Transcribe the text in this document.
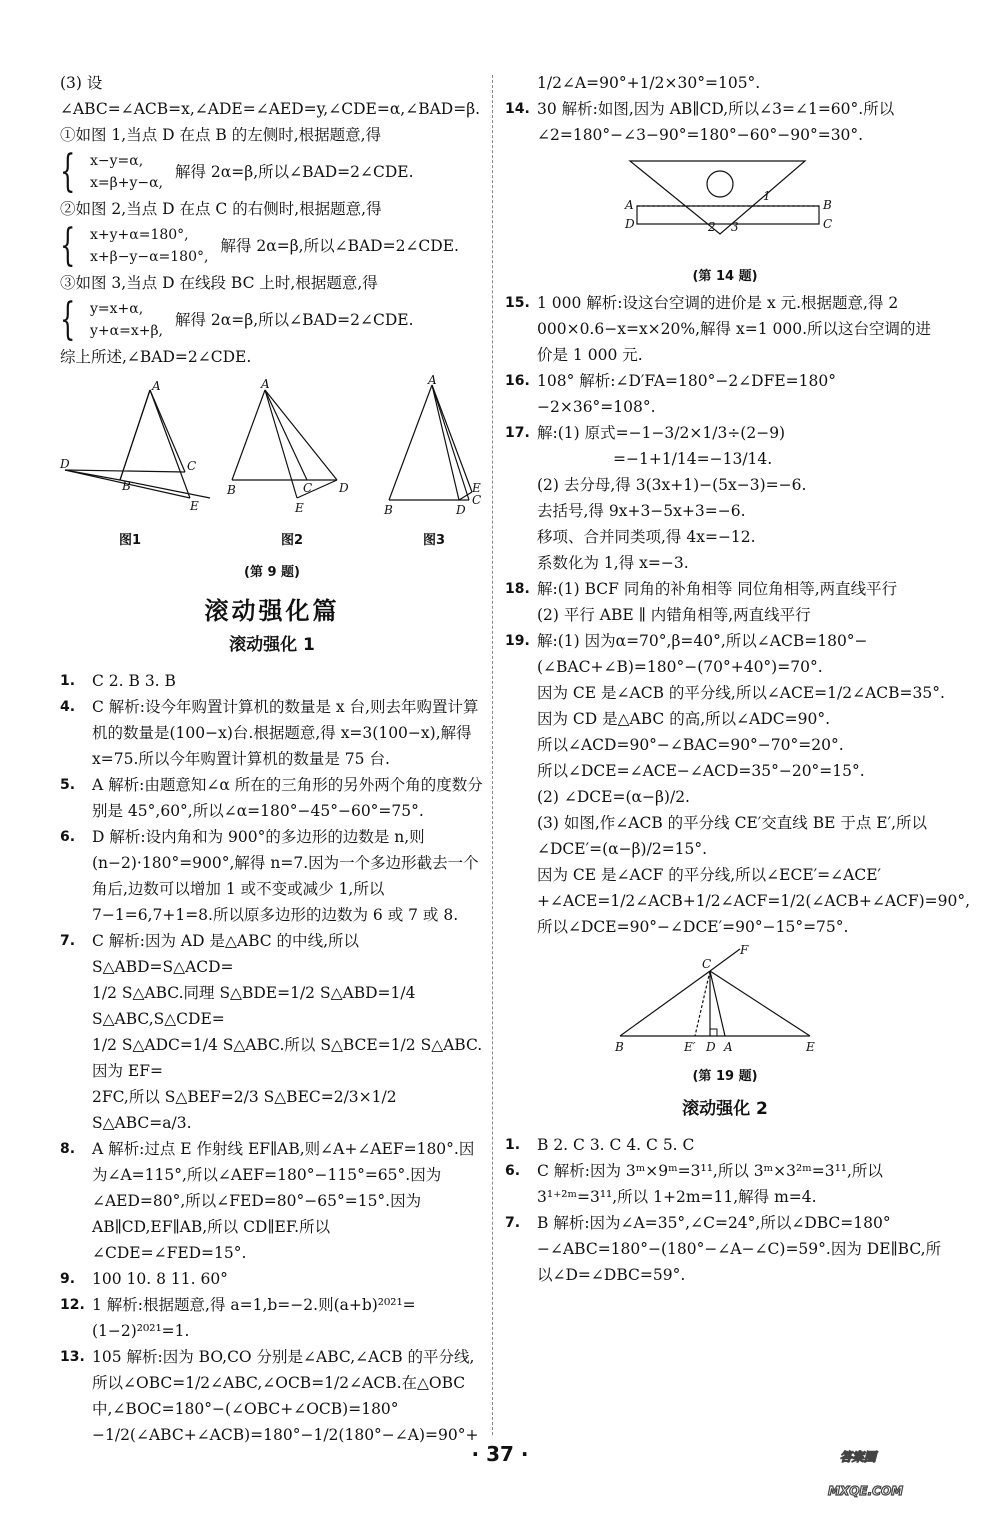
(3) 设∠ABC=∠ACB=x,∠ADE=∠AED=y,∠CDE=α,∠BAD=β.

①如图 1,当点 D 在点 B 的左侧时,根据题意,得

{ x−y=α,
x=β+y−α,
解得 2α=β,所以∠BAD=2∠CDE.

②如图 2,当点 D 在点 C 的右侧时,根据题意,得

{ x+y+α=180°,
x+β−y−α=180°,
解得 2α=β,所以∠BAD=2∠CDE.

③如图 3,当点 D 在线段 BC 上时,根据题意,得

{ y=x+α,
y+α=x+β,
解得 2α=β,所以∠BAD=2∠CDE.

综上所述,∠BAD=2∠CDE.

A
D
B
C
E
图1
A
B	C D
E
图2
A
B	D
C
E
图3
(第 9 题)
滚动强化篇
滚动强化 1
1. C 2. B 3. B
4. C 解析:设今年购置计算机的数量是 x 台,则去年购置计算机的数量是(100−x)台.根据题意,得 x=3(100−x),解得 x=75.所以今年购置计算机的数量是 75 台.
5. A 解析:由题意知∠α 所在的三角形的另外两个角的度数分别是 45°,60°,所以∠α=180°−45°−60°=75°.
6. D 解析:设内角和为 900°的多边形的边数是 n,则(n−2)·180°=900°,解得 n=7.因为一个多边形截去一个角后,边数可以增加 1 或不变或减少 1,所以7−1=6,7+1=8.所以原多边形的边数为 6 或 7 或 8.
7. C 解析:因为 AD 是△ABC 的中线,所以 S△ABD=S△ACD=
1/2 S△ABC.同理 S△BDE=1/2 S△ABD=1/4 S△ABC,S△CDE=
1/2 S△ADC=1/4 S△ABC.所以 S△BCE=1/2 S△ABC.因为 EF=
2FC,所以 S△BEF=2/3 S△BEC=2/3×1/2 S△ABC=a/3.
8. A 解析:过点 E 作射线 EF∥AB,则∠A+∠AEF=180°.因为∠A=115°,所以∠AEF=180°−115°=65°.因为∠AED=80°,所以∠FED=80°−65°=15°.因为 AB∥CD,EF∥AB,所以 CD∥EF.所以∠CDE=∠FED=15°.
9. 100 10. 8 11. 60°
12. 1 解析:根据题意,得 a=1,b=−2.则(a+b)²⁰²¹=(1−2)²⁰²¹=1.
13. 105 解析:因为 BO,CO 分别是∠ABC,∠ACB 的平分线,所以∠OBC=1/2∠ABC,∠OCB=1/2∠ACB.在△OBC 中,∠BOC=180°−(∠OBC+∠OCB)=180°−1/2(∠ABC+∠ACB)=180°−1/2(180°−∠A)=90°+
1/2∠A=90°+1/2×30°=105°.
14. 30 解析:如图,因为 AB∥CD,所以∠3=∠1=60°.所以∠2=180°−∠3−90°=180°−60°−90°=30°.
A
D
B
C
1
2 3
(第 14 题)
15. 1 000 解析:设这台空调的进价是 x 元.根据题意,得 2 000×0.6−x=x×20%,解得 x=1 000.所以这台空调的进价是 1 000 元.
16. 108° 解析:∠D′FA=180°−2∠DFE=180°−2×36°=108°.
17. 解:(1) 原式=−1−3/2×1/3÷(2−9)
=−1+1/14=−13/14.
(2) 去分母,得 3(3x+1)−(5x−3)=−6.
去括号,得 9x+3−5x+3=−6.
移项、合并同类项,得 4x=−12.
系数化为 1,得 x=−3.
18. 解:(1) BCF 同角的补角相等 同位角相等,两直线平行
(2) 平行 ABE ∥ 内错角相等,两直线平行
19. 解:(1) 因为α=70°,β=40°,所以∠ACB=180°−(∠BAC+∠B)=180°−(70°+40°)=70°.
因为 CE 是∠ACB 的平分线,所以∠ACE=1/2∠ACB=35°.
因为 CD 是△ABC 的高,所以∠ADC=90°.
所以∠ACD=90°−∠BAC=90°−70°=20°.
所以∠DCE=∠ACE−∠ACD=35°−20°=15°.
(2) ∠DCE=(α−β)/2.
(3) 如图,作∠ACB 的平分线 CE′交直线 BE 于点 E′,所以∠DCE′=(α−β)/2=15°.
因为 CE 是∠ACF 的平分线,所以∠ECE′=∠ACE′+∠ACE=1/2∠ACB+1/2∠ACF=1/2(∠ACB+∠ACF)=90°,所以∠DCE=90°−∠DCE′=90°−15°=75°.
B	E′ D A	E
C
F
(第 19 题)
滚动强化 2
1. B 2. C 3. C 4. C 5. C
6. C 解析:因为 3ᵐ×9ᵐ=3¹¹,所以 3ᵐ×3²ᵐ=3¹¹,所以 3¹⁺²ᵐ=3¹¹,所以 1+2m=11,解得 m=4.
7. B 解析:因为∠A=35°,∠C=24°,所以∠DBC=180°−∠ABC=180°−(180°−∠A−∠C)=59°.因为 DE∥BC,所以∠D=∠DBC=59°.
· 37 ·	答案圈
MXQE.COM
